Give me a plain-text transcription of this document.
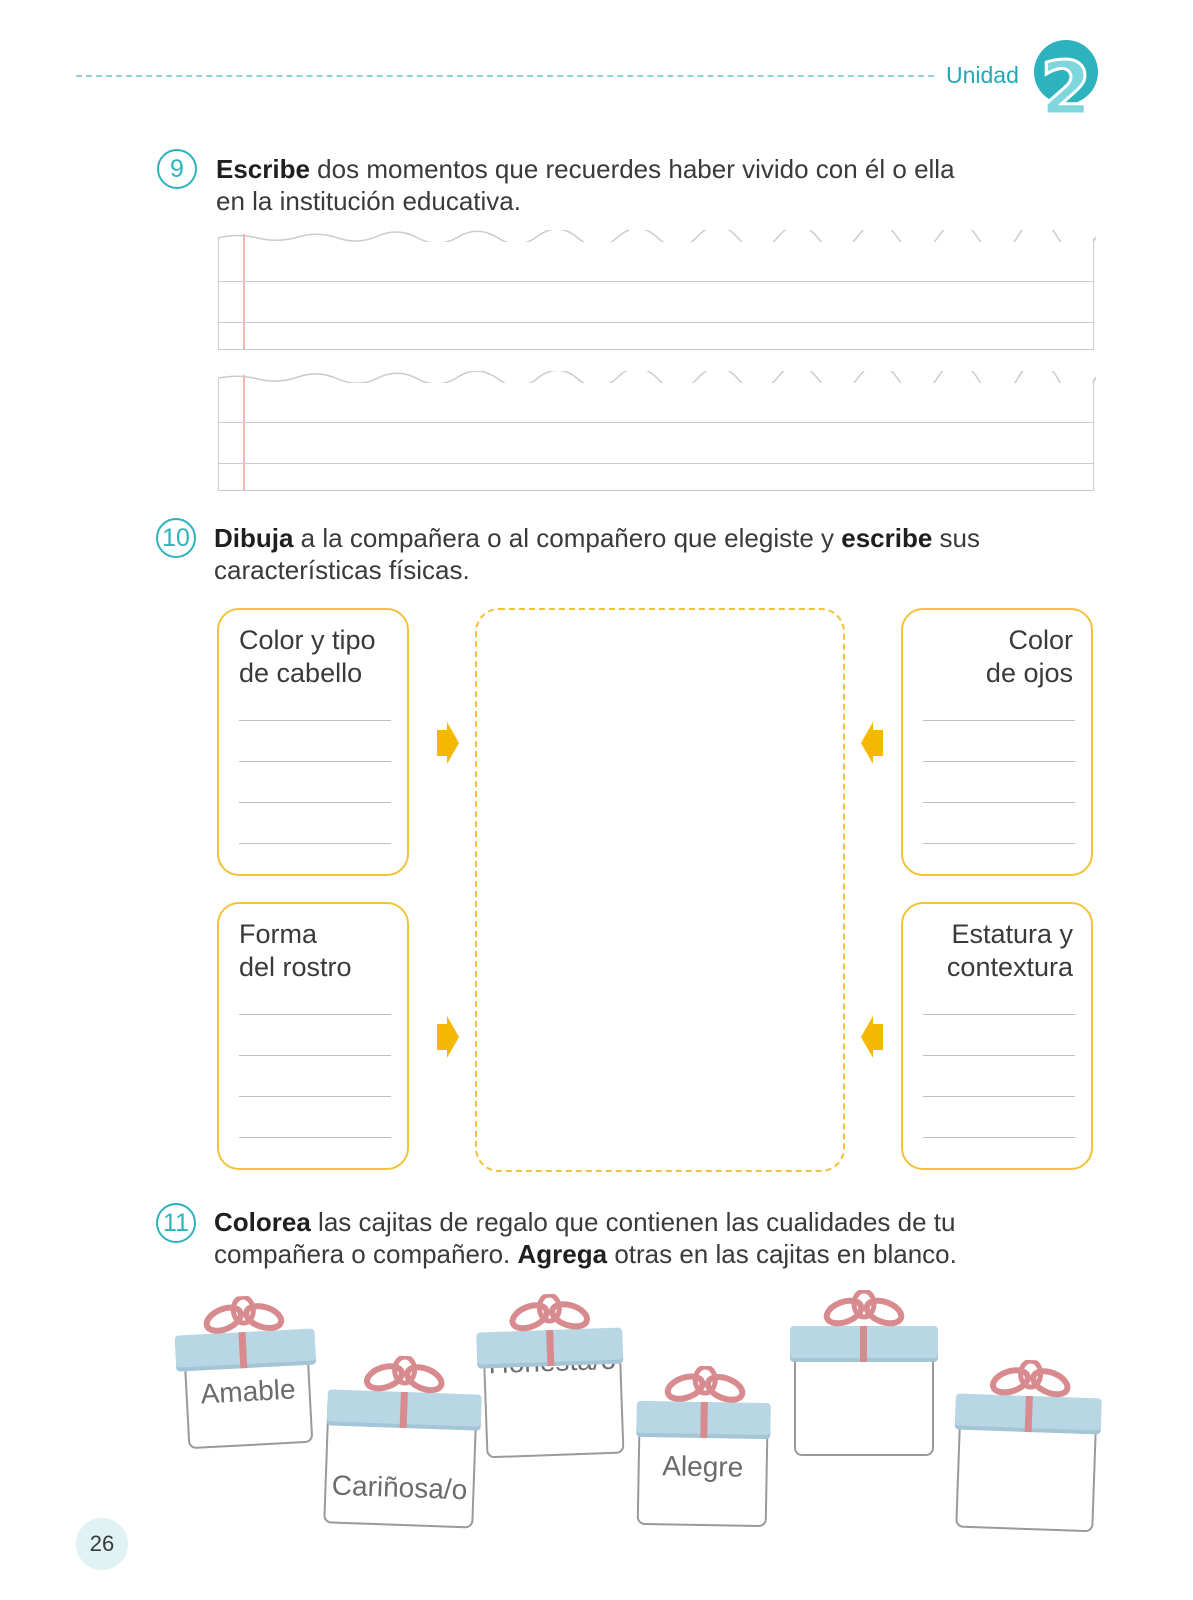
Unidad 2
9	Escribe dos momentos que recuerdes haber vivido con él o ella
en la institución educativa.
10 Dibuja a la compañera o al compañero que elegiste y escribe sus
características físicas.
Color y tipo
de cabello
Forma
del rostro
Color
de ojos
Estatura y
contextura
11 Colorea las cajitas de regalo que contienen las cualidades de tu
compañera o compañero. Agrega otras en las cajitas en blanco.
Amable
Cariñosa/o
Alegre
26
